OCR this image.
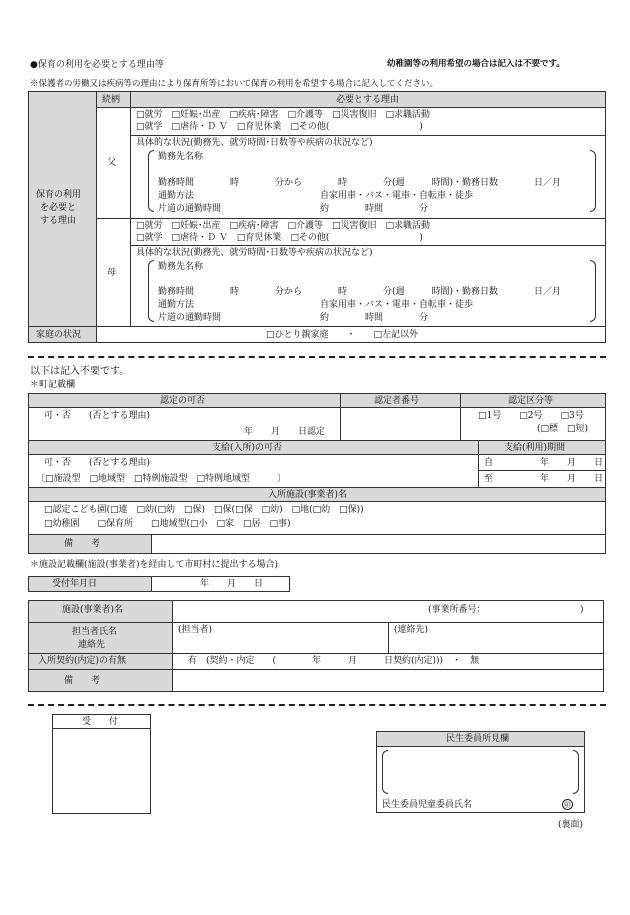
●保育の利用を必要とする理由等	幼稚園等の利用希望の場合は記入は不要です。
※保護者の労働又は疾病等の理由により保育所等において保育の利用を希望する場合に記入してください。
続柄	必要とする理由
保育の利用
を必要と
する理由
父
□就労　□妊娠･出産　□疾病･障害　□介護等　□災害復旧　□求職活動
□就学　□虐待・Ｄ Ｖ　□育児休業　□その他(　　　　　　　　　　)
具体的な状況(勤務先、就労時間･日数等や疾病の状況など)
勤務先名称
勤務時間　　　　時　　　　分から　　　　時　　　　分(週　　　時間)・勤務日数　　　　日／月
通勤方法　　　　　　　　　　　　　　自家用車・バス・電車・自転車・徒歩
片道の通勤時間　　　　　　　　　　　約　　　　時間　　　　分
母
□就労　□妊娠･出産　□疾病･障害　□介護等　□災害復旧　□求職活動
□就学　□虐待・Ｄ Ｖ　□育児休業　□その他(　　　　　　　　　　)
具体的な状況(勤務先、就労時間･日数等や疾病の状況など)
勤務先名称
勤務時間　　　　時　　　　分から　　　　時　　　　分(週　　　時間)・勤務日数　　　　日／月
通勤方法　　　　　　　　　　　　　　自家用車・バス・電車・自転車・徒歩
片道の通勤時間　　　　　　　　　　　約　　　　時間　　　　分
家庭の状況	□ひとり親家庭　　・　　□左記以外
以下は記入不要です。
＊町記載欄
認定の可否	認定者番号	認定区分等
可・否　　(否とする理由)
年　　月　　日認定
□1号　　□2号　　□3号
(□標　□短)
支給(入所)の可否	支給(利用)期間
可・否　　(否とする理由)
〔□施設型　□地域型　□特例施設型　□特例地域型　　　〕
自	年　　月　　日
至	年　　月　　日
入所施設(事業者)名
□認定こども園(□連　□幼(□幼　□保)　□保(□保　□幼)　□地(□幼　□保))
□幼稚園　　□保育所　　□地域型(□小　□家　□居　□事)
備　　考
＊施設記載欄(施設(事業者)を経由して市町村に提出する場合)
受付年月日	年　　月　　日
施設(事業者)名	(事業所番号：　　　　　　　　　　　)
担当者氏名
連絡先
(担当者)	(連絡先)
入所契約(内定)の有無	有　(契約・内定　　(　　　　年　　　月　　　日契約(内定)))　・　無
備　　考
受　　付
民生委員所見欄
民生委員児童委員氏名	㊞
(裏面)
